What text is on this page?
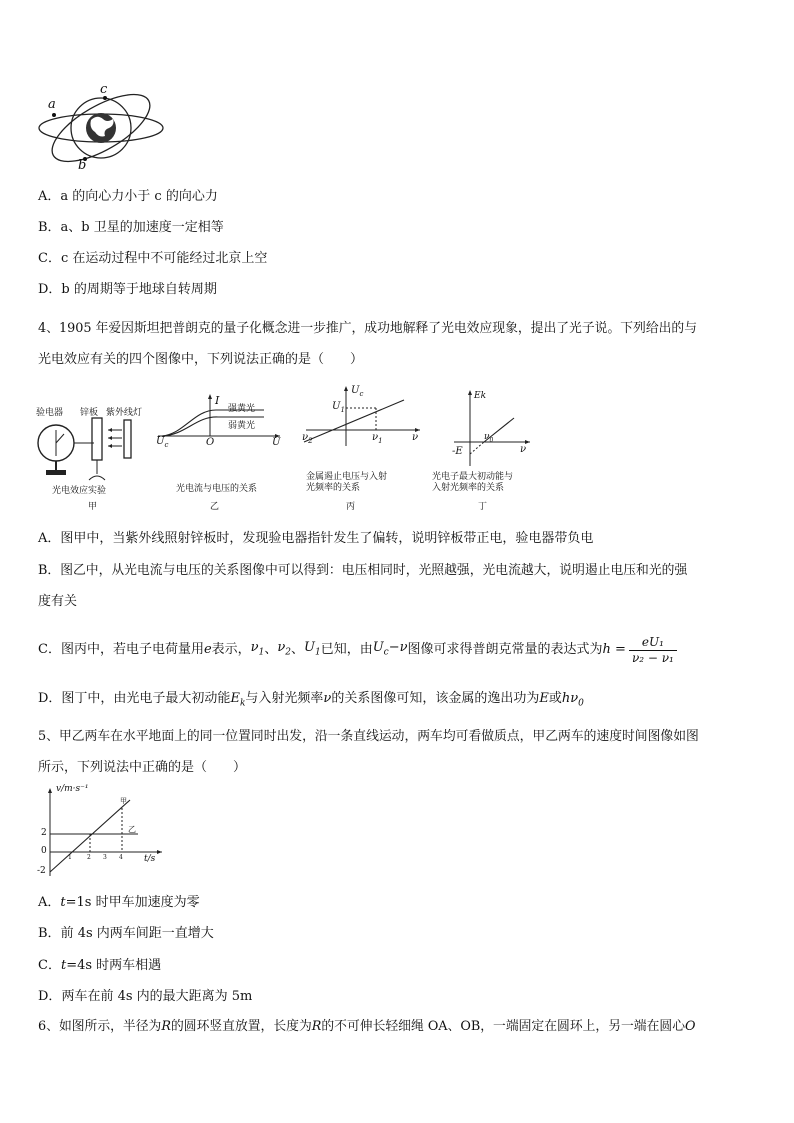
a
c
b
A．a 的向心力小于 c 的向心力
B．a、b 卫星的加速度一定相等
C．c 在运动过程中不可能经过北京上空
D．b 的周期等于地球自转周期
4、1905 年爱因斯坦把普朗克的量子化概念进一步推广，成功地解释了光电效应现象，提出了光子说。下列给出的与
光电效应有关的四个图像中，下列说法正确的是（　　）
验电器 锌板 紫外线灯
光电效应实验
甲
I
强黄光
弱黄光
$U_c$	O	U
光电流与电压的关系
乙
$U_c$
$U_1$
$\nu_2$	$\nu_1$	ν
金属遏止电压与入射
光频率的关系
丙
Ek
-E
$\nu_0$
ν
光电子最大初动能与
入射光频率的关系
丁
A．图甲中，当紫外线照射锌板时，发现验电器指针发生了偏转，说明锌板带正电，验电器带负电
B．图乙中，从光电流与电压的关系图像中可以得到：电压相同时，光照越强，光电流越大，说明遏止电压和光的强
度有关
C．图丙中，若电子电荷量用 e 表示， $\nu_1$ 、 $\nu_2$ 、 $U_1$ 已知，由 $U_c-\nu$ 图像可求得普朗克常量的表达式为 $h = \frac{\text{eU₁}}{\text{ν₂ − ν₁}}$
D．图丁中，由光电子最大初动能$E_k$与入射光频率ν的关系图像可知，该金属的逸出功为E或$h\nu_0$
5、甲乙两车在水平地面上的同一位置同时出发，沿一条直线运动，两车均可看做质点，甲乙两车的速度时间图像如图
所示，下列说法中正确的是（　　）
v/m·s⁻¹
甲
乙
2
0
-2
1	2 3 4 t/s
A．t=1s 时甲车加速度为零
B．前 4s 内两车间距一直增大
C．t=4s 时两车相遇
D．两车在前 4s 内的最大距离为 5m
6、如图所示，半径为R的圆环竖直放置，长度为R的不可伸长轻细绳 OA、OB，一端固定在圆环上，另一端在圆心O
